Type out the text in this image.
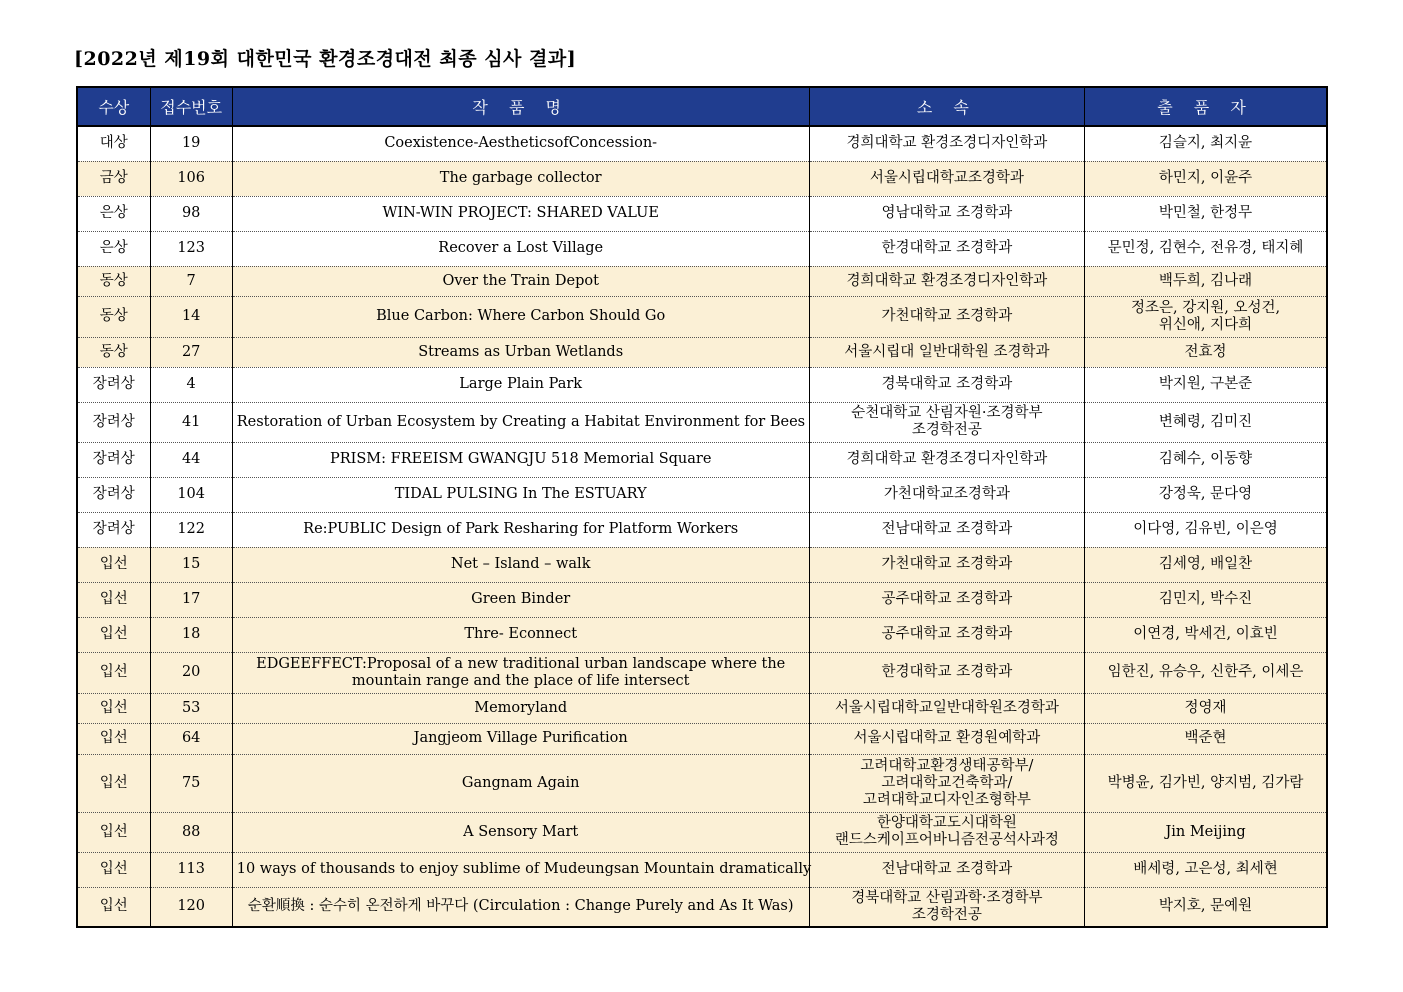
[2022년 제19회 대한민국 환경조경대전 최종 심사 결과]
수상	접수번호	작 품 명	소 속	출 품 자
대상	19	Coexistence-AestheticsofConcession-	경희대학교 환경조경디자인학과	김슬지, 최지윤
금상	106	The garbage collector	서울시립대학교조경학과	하민지, 이윤주
은상	98	WIN-WIN PROJECT: SHARED VALUE	영남대학교 조경학과	박민철, 한정무
은상	123	Recover a Lost Village	한경대학교 조경학과	문민정, 김현수, 전유경, 태지혜
동상	7	Over the Train Depot	경희대학교 환경조경디자인학과	백두희, 김나래
동상	14	Blue Carbon: Where Carbon Should Go	가천대학교 조경학과	정조은, 강지원, 오성건,
위신애, 지다희
동상	27	Streams as Urban Wetlands	서울시립대 일반대학원 조경학과	전효정
장려상	4	Large Plain Park	경북대학교 조경학과	박지원, 구본준
장려상	41	Restoration of Urban Ecosystem by Creating a Habitat Environment for Bees	순천대학교 산림자원·조경학부
조경학전공	변혜령, 김미진
장려상	44	PRISM: FREEISM GWANGJU 518 Memorial Square	경희대학교 환경조경디자인학과	김혜수, 이동향
장려상	104	TIDAL PULSING In The ESTUARY	가천대학교조경학과	강정욱, 문다영
장려상	122	Re:PUBLIC Design of Park Resharing for Platform Workers	전남대학교 조경학과	이다영, 김유빈, 이은영
입선	15	Net – Island – walk	가천대학교 조경학과	김세영, 배일찬
입선	17	Green Binder	공주대학교 조경학과	김민지, 박수진
입선	18	Thre- Econnect	공주대학교 조경학과	이연경, 박세건, 이효빈
입선	20	EDGEEFFECT:Proposal of a new traditional urban landscape where the
mountain range and the place of life intersect	한경대학교 조경학과	임한진, 유승우, 신한주, 이세은
입선	53	Memoryland	서울시립대학교일반대학원조경학과	정영재
입선	64	Jangjeom Village Purification	서울시립대학교 환경원예학과	백준현
입선	75	Gangnam Again	고려대학교환경생태공학부/
고려대학교건축학과/
고려대학교디자인조형학부	박병윤, 김가빈, 양지범, 김가람
입선	88	A Sensory Mart	한양대학교도시대학원
랜드스케이프어바니즘전공석사과정	Jin Meijing
입선	113	10 ways of thousands to enjoy sublime of Mudeungsan Mountain dramatically	전남대학교 조경학과	배세령, 고은성, 최세현
입선	120	순환順換 : 순수히 온전하게 바꾸다 (Circulation : Change Purely and As It Was)	경북대학교 산림과학·조경학부
조경학전공	박지호, 문예원
